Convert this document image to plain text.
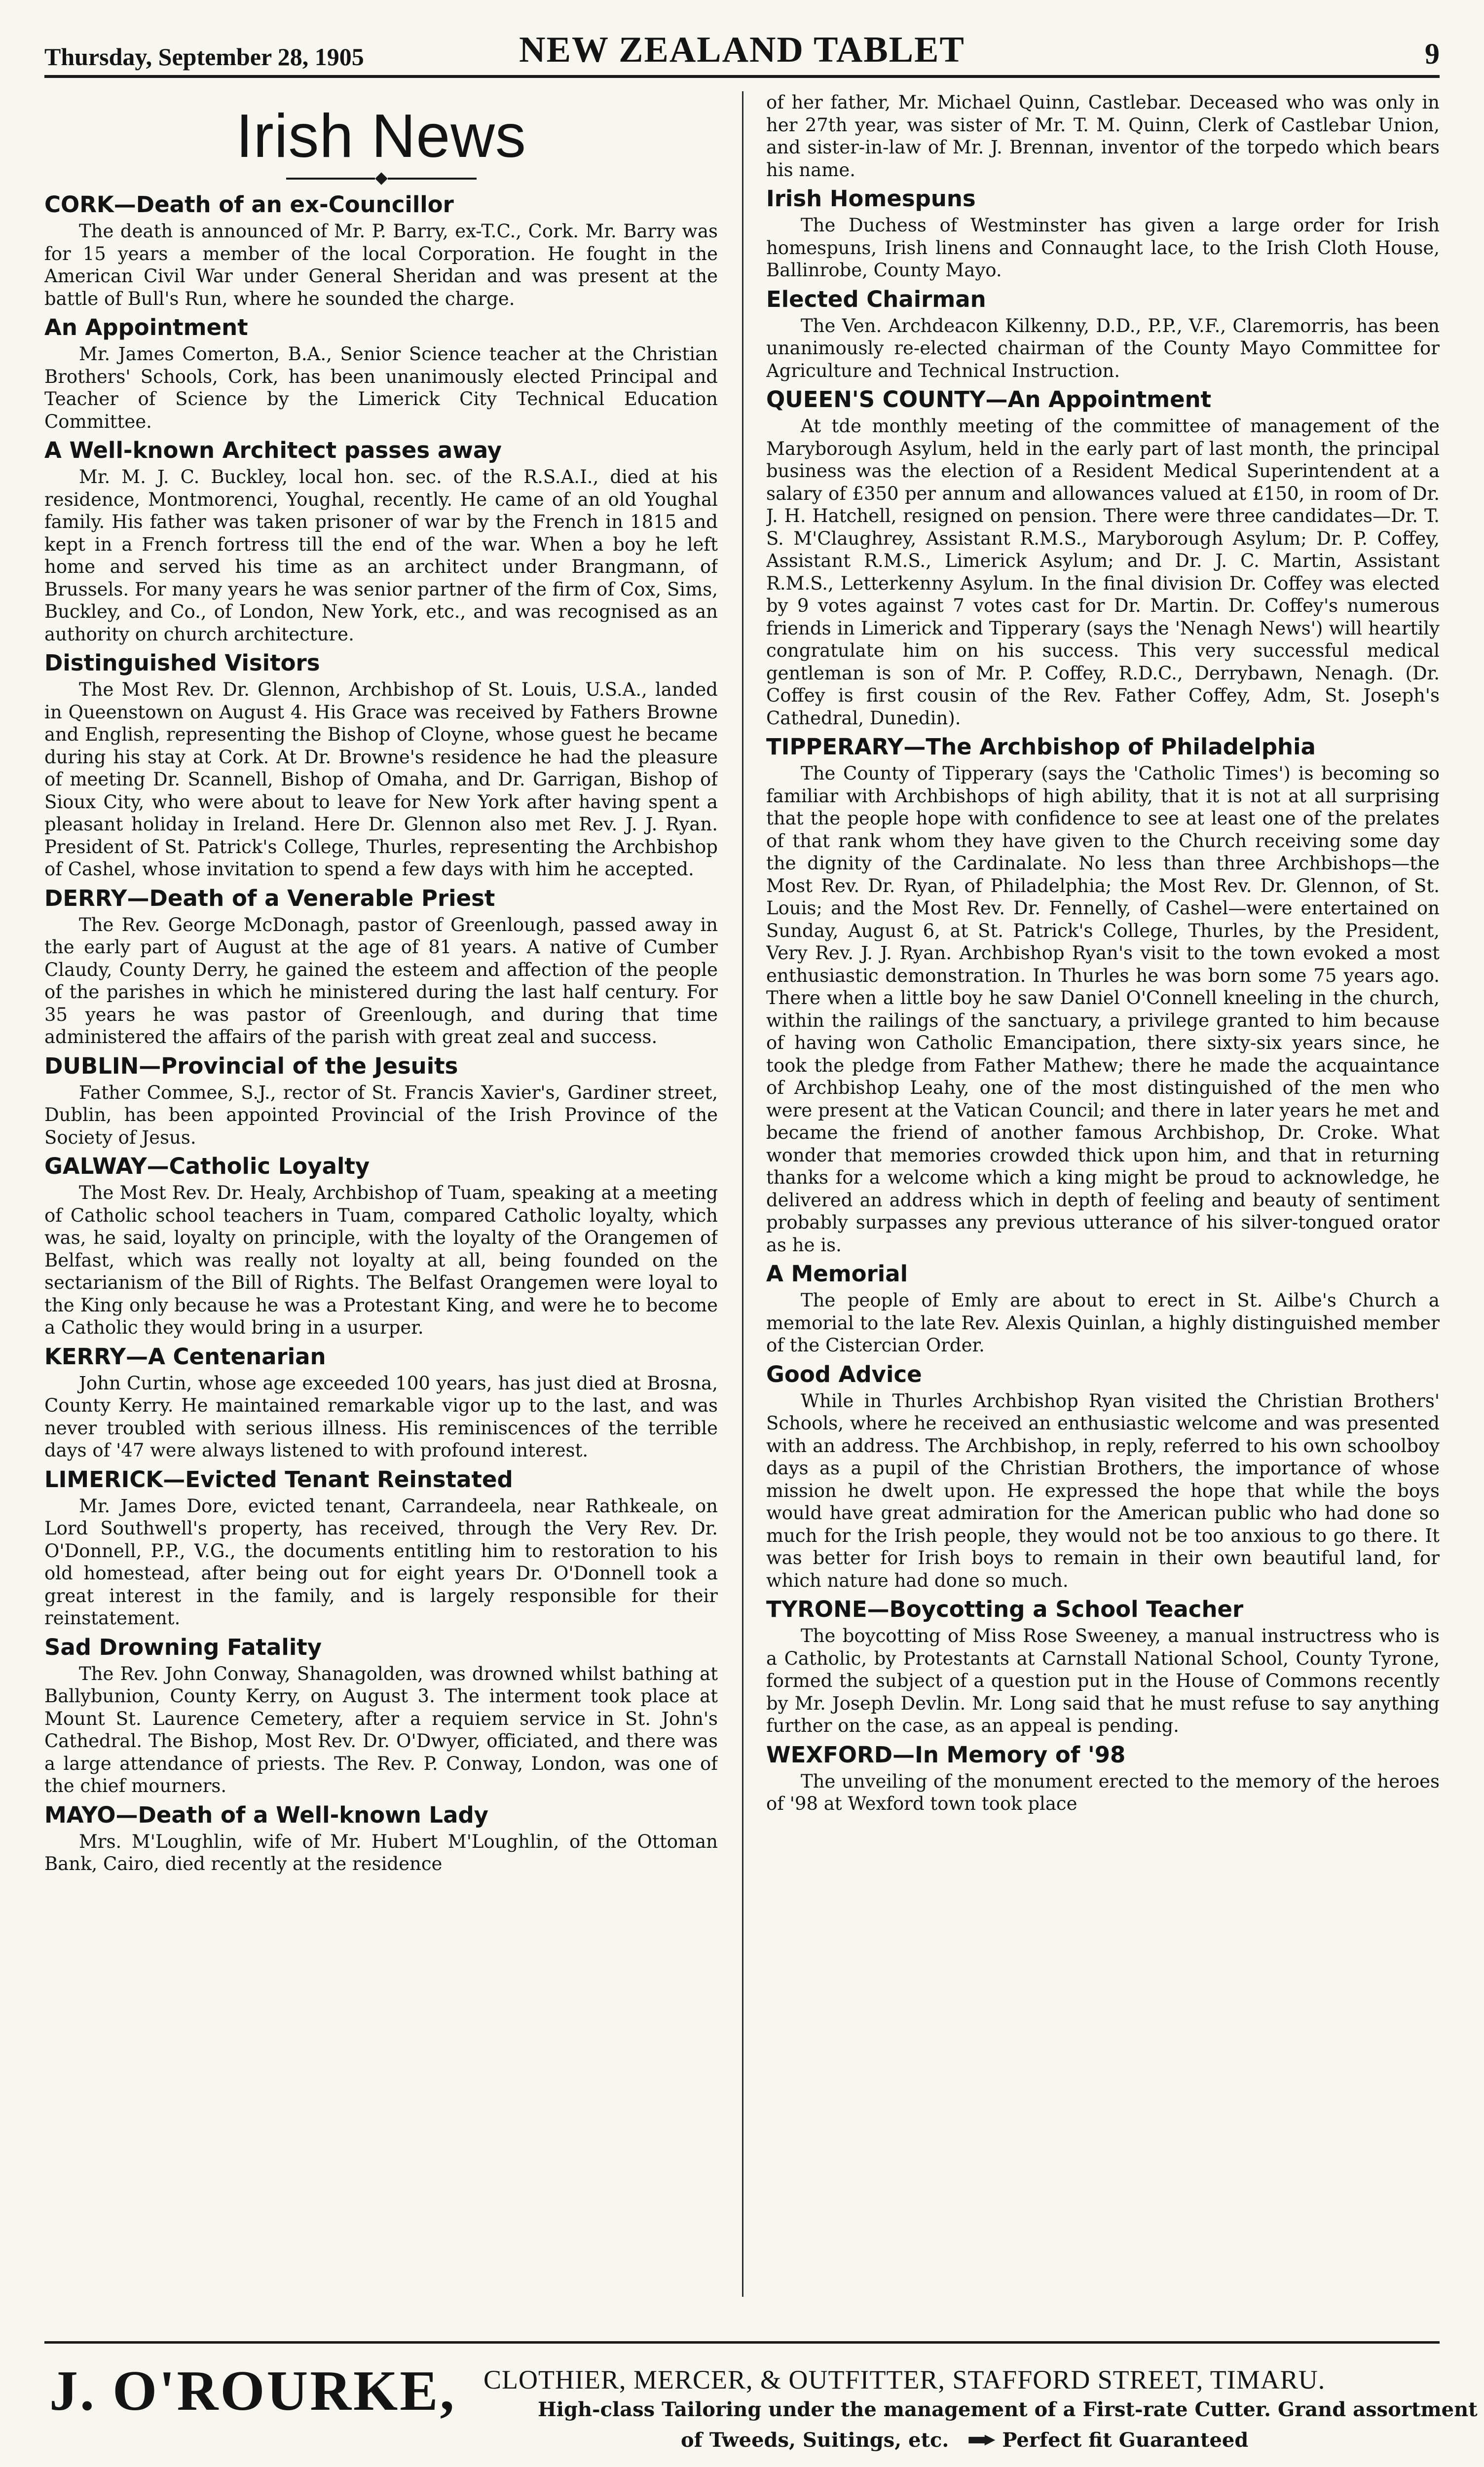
Thursday, September 28, 1905	NEW ZEALAND TABLET	9
Irish News
CORK—Death of an ex-Councillor

The death is announced of Mr. P. Barry, ex-T.C., Cork. Mr. Barry was for 15 years a member of the local Corporation. He fought in the American Civil War under General Sheridan and was present at the battle of Bull's Run, where he sounded the charge.

An Appointment

Mr. James Comerton, B.A., Senior Science teacher at the Christian Brothers' Schools, Cork, has been unanimously elected Principal and Teacher of Science by the Limerick City Technical Education Committee.

A Well-known Architect passes away

Mr. M. J. C. Buckley, local hon. sec. of the R.S.A.I., died at his residence, Montmorenci, Youghal, recently. He came of an old Youghal family. His father was taken prisoner of war by the French in 1815 and kept in a French fortress till the end of the war. When a boy he left home and served his time as an architect under Brangmann, of Brussels. For many years he was senior partner of the firm of Cox, Sims, Buckley, and Co., of London, New York, etc., and was recognised as an authority on church architecture.

Distinguished Visitors

The Most Rev. Dr. Glennon, Archbishop of St. Louis, U.S.A., landed in Queenstown on August 4. His Grace was received by Fathers Browne and English, representing the Bishop of Cloyne, whose guest he became during his stay at Cork. At Dr. Browne's residence he had the pleasure of meeting Dr. Scannell, Bishop of Omaha, and Dr. Garrigan, Bishop of Sioux City, who were about to leave for New York after having spent a pleasant holiday in Ireland. Here Dr. Glennon also met Rev. J. J. Ryan. President of St. Patrick's College, Thurles, representing the Archbishop of Cashel, whose invitation to spend a few days with him he accepted.

DERRY—Death of a Venerable Priest

The Rev. George McDonagh, pastor of Greenlough, passed away in the early part of August at the age of 81 years. A native of Cumber Claudy, County Derry, he gained the esteem and affection of the people of the parishes in which he ministered during the last half century. For 35 years he was pastor of Greenlough, and during that time administered the affairs of the parish with great zeal and success.

DUBLIN—Provincial of the Jesuits

Father Commee, S.J., rector of St. Francis Xavier's, Gardiner street, Dublin, has been appointed Provincial of the Irish Province of the Society of Jesus.

GALWAY—Catholic Loyalty

The Most Rev. Dr. Healy, Archbishop of Tuam, speaking at a meeting of Catholic school teachers in Tuam, compared Catholic loyalty, which was, he said, loyalty on principle, with the loyalty of the Orangemen of Belfast, which was really not loyalty at all, being founded on the sectarianism of the Bill of Rights. The Belfast Orangemen were loyal to the King only because he was a Protestant King, and were he to become a Catholic they would bring in a usurper.

KERRY—A Centenarian

John Curtin, whose age exceeded 100 years, has just died at Brosna, County Kerry. He maintained remarkable vigor up to the last, and was never troubled with serious illness. His reminiscences of the terrible days of '47 were always listened to with profound interest.

LIMERICK—Evicted Tenant Reinstated

Mr. James Dore, evicted tenant, Carrandeela, near Rathkeale, on Lord Southwell's property, has received, through the Very Rev. Dr. O'Donnell, P.P., V.G., the documents entitling him to restoration to his old homestead, after being out for eight years Dr. O'Donnell took a great interest in the family, and is largely responsible for their reinstatement.

Sad Drowning Fatality

The Rev. John Conway, Shanagolden, was drowned whilst bathing at Ballybunion, County Kerry, on August 3. The interment took place at Mount St. Laurence Cemetery, after a requiem service in St. John's Cathedral. The Bishop, Most Rev. Dr. O'Dwyer, officiated, and there was a large attendance of priests. The Rev. P. Conway, London, was one of the chief mourners.

MAYO—Death of a Well-known Lady

Mrs. M'Loughlin, wife of Mr. Hubert M'Loughlin, of the Ottoman Bank, Cairo, died recently at the residence

of her father, Mr. Michael Quinn, Castlebar. Deceased who was only in her 27th year, was sister of Mr. T. M. Quinn, Clerk of Castlebar Union, and sister-in-law of Mr. J. Brennan, inventor of the torpedo which bears his name.

Irish Homespuns

The Duchess of Westminster has given a large order for Irish homespuns, Irish linens and Connaught lace, to the Irish Cloth House, Ballinrobe, County Mayo.

Elected Chairman

The Ven. Archdeacon Kilkenny, D.D., P.P., V.F., Claremorris, has been unanimously re-elected chairman of the County Mayo Committee for Agriculture and Technical Instruction.

QUEEN'S COUNTY—An Appointment

At tde monthly meeting of the committee of management of the Maryborough Asylum, held in the early part of last month, the principal business was the election of a Resident Medical Superintendent at a salary of £350 per annum and allowances valued at £150, in room of Dr. J. H. Hatchell, resigned on pension. There were three candidates—Dr. T. S. M'Claughrey, Assistant R.M.S., Maryborough Asylum; Dr. P. Coffey, Assistant R.M.S., Limerick Asylum; and Dr. J. C. Martin, Assistant R.M.S., Letterkenny Asylum. In the final division Dr. Coffey was elected by 9 votes against 7 votes cast for Dr. Martin. Dr. Coffey's numerous friends in Limerick and Tipperary (says the 'Nenagh News') will heartily congratulate him on his success. This very successful medical gentleman is son of Mr. P. Coffey, R.D.C., Derrybawn, Nenagh. (Dr. Coffey is first cousin of the Rev. Father Coffey, Adm, St. Joseph's Cathedral, Dunedin).

TIPPERARY—The Archbishop of Philadelphia

The County of Tipperary (says the 'Catholic Times') is becoming so familiar with Archbishops of high ability, that it is not at all surprising that the people hope with confidence to see at least one of the prelates of that rank whom they have given to the Church receiving some day the dignity of the Cardinalate. No less than three Archbishops—the Most Rev. Dr. Ryan, of Philadelphia; the Most Rev. Dr. Glennon, of St. Louis; and the Most Rev. Dr. Fennelly, of Cashel—were entertained on Sunday, August 6, at St. Patrick's College, Thurles, by the President, Very Rev. J. J. Ryan. Archbishop Ryan's visit to the town evoked a most enthusiastic demonstration. In Thurles he was born some 75 years ago. There when a little boy he saw Daniel O'Connell kneeling in the church, within the railings of the sanctuary, a privilege granted to him because of having won Catholic Emancipation, there sixty-six years since, he took the pledge from Father Mathew; there he made the acquaintance of Archbishop Leahy, one of the most distinguished of the men who were present at the Vatican Council; and there in later years he met and became the friend of another famous Archbishop, Dr. Croke. What wonder that memories crowded thick upon him, and that in returning thanks for a welcome which a king might be proud to acknowledge, he delivered an address which in depth of feeling and beauty of sentiment probably surpasses any previous utterance of his silver-tongued orator as he is.

A Memorial

The people of Emly are about to erect in St. Ailbe's Church a memorial to the late Rev. Alexis Quinlan, a highly distinguished member of the Cistercian Order.

Good Advice

While in Thurles Archbishop Ryan visited the Christian Brothers' Schools, where he received an enthusiastic welcome and was presented with an address. The Archbishop, in reply, referred to his own schoolboy days as a pupil of the Christian Brothers, the importance of whose mission he dwelt upon. He expressed the hope that while the boys would have great admiration for the American public who had done so much for the Irish people, they would not be too anxious to go there. It was better for Irish boys to remain in their own beautiful land, for which nature had done so much.

TYRONE—Boycotting a School Teacher

The boycotting of Miss Rose Sweeney, a manual instructress who is a Catholic, by Protestants at Carnstall National School, County Tyrone, formed the subject of a question put in the House of Commons recently by Mr. Joseph Devlin. Mr. Long said that he must refuse to say anything further on the case, as an appeal is pending.

WEXFORD—In Memory of '98

The unveiling of the monument erected to the memory of the heroes of '98 at Wexford town took place

J. O'ROURKE, CLOTHIER, MERCER, & OUTFITTER, STAFFORD STREET, TIMARU.
High-class Tailoring under the management of a First-rate Cutter. Grand assortment
of Tweeds, Suitings, etc.	Perfect fit Guaranteed
